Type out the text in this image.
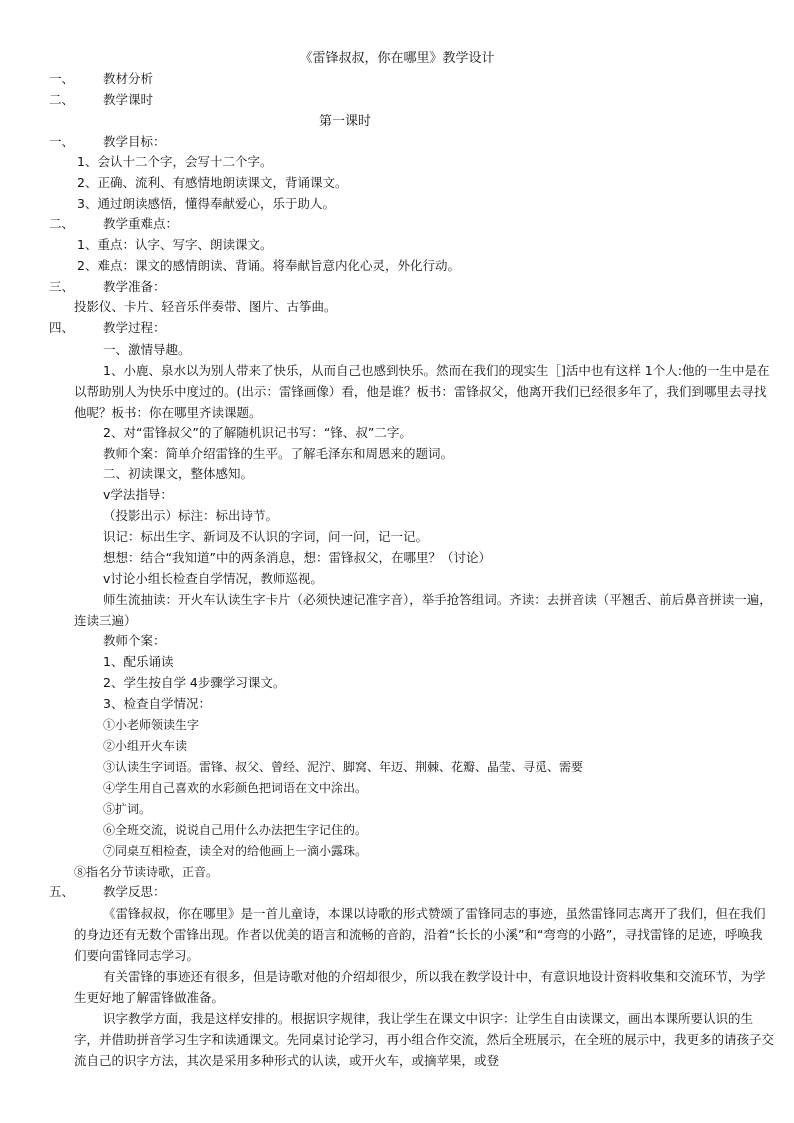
《雷锋叔叔，你在哪里》教学设计
一、 教材分析
二、 教学课时
第一课时
一、 教学目标：
1、会认十二个字，会写十二个字。
2、正确、流利、有感情地朗读课文，背诵课文。
3、通过朗读感悟，懂得奉献爱心，乐于助人。
二、 教学重难点：
1、重点：认字、写字、朗读课文。
2、难点：课文的感情朗读、背诵。将奉献旨意内化心灵，外化行动。
三、 教学准备：
投影仪、卡片、轻音乐伴奏带、图片、古筝曲。
四、 教学过程：
一、激情导趣。
1、小鹿、泉水以为别人带来了快乐，从而自己也感到快乐。然而在我们的现实生［]活中也有这样 1个人:他的一生中是在以帮助别人为快乐中度过的。(出示：雷锋画像）看，他是谁？板书：雷锋叔父，他离开我们已经很多年了，我们到哪里去寻找他呢？板书：你在哪里齐读课题。
2、对“雷锋叔父”的了解随机识记书写：“锋、叔”二字。
教师个案：简单介绍雷锋的生平。了解毛泽东和周恩来的题词。
二、初读课文，整体感知。
v学法指导：
（投影出示）标注：标出诗节。
识记：标出生字、新词及不认识的字词，问一问，记一记。
想想：结合“我知道”中的两条消息，想：雷锋叔父，在哪里？（讨论）
v讨论小组长检查自学情况，教师巡视。
师生流抽读：开火车认读生字卡片（必须快速记准字音），举手抢答组词。齐读：去拼音读（平翘舌、前后鼻音拼读一遍，连读三遍）
教师个案：
1、配乐诵读
2、学生按自学 4步骤学习课文。
3、检查自学情况：
①小老师领读生字
②小组开火车读
③认读生字词语。雷锋、叔父、曾经、泥泞、脚窝、年迈、荆棘、花瓣、晶莹、寻觅、需要
④学生用自己喜欢的水彩颜色把词语在文中涂出。
⑤扩词。
⑥全班交流，说说自己用什么办法把生字记住的。
⑦同桌互相检查，读全对的给他画上一滴小露珠。
⑧指名分节读诗歌，正音。
五、 教学反思：
《雷锋叔叔，你在哪里》是一首儿童诗，本课以诗歌的形式赞颂了雷锋同志的事迹，虽然雷锋同志离开了我们，但在我们的身边还有无数个雷锋出现。作者以优美的语言和流畅的音韵，沿着“长长的小溪”和“弯弯的小路”，寻找雷锋的足迹，呼唤我们要向雷锋同志学习。
有关雷锋的事迹还有很多，但是诗歌对他的介绍却很少，所以我在教学设计中，有意识地设计资料收集和交流环节，为学生更好地了解雷锋做准备。
识字教学方面，我是这样安排的。根据识字规律，我让学生在课文中识字：让学生自由读课文，画出本课所要认识的生字，并借助拼音学习生字和读通课文。先同桌讨论学习，再小组合作交流，然后全班展示，在全班的展示中，我更多的请孩子交流自己的识字方法，其次是采用多种形式的认读，或开火车，或摘苹果，或登
